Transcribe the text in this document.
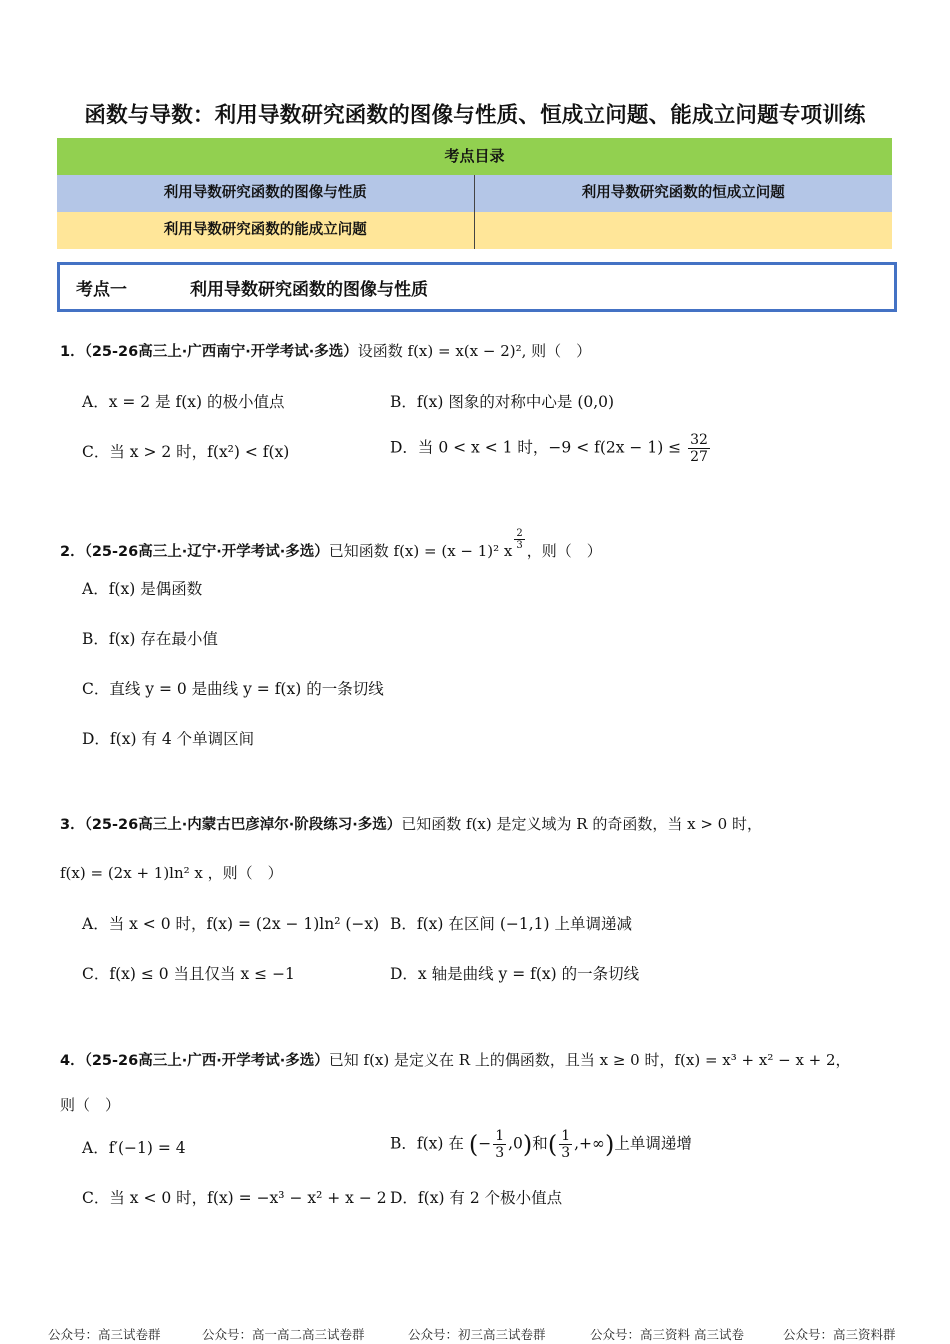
函数与导数：利用导数研究函数的图像与性质、恒成立问题、能成立问题专项训练
考点目录
利用导数研究函数的图像与性质	利用导数研究函数的恒成立问题
利用导数研究函数的能成立问题
考点一	利用导数研究函数的图像与性质
1．（25-26高三上·广西南宁·开学考试·多选）设函数 f(x) = x(x − 2)², 则（　）
A．x = 2 是 f(x) 的极小值点	B．f(x) 图象的对称中心是 (0,0)
C．当 x > 2 时，f(x²) < f(x)	D．当 0 < x < 1 时，$-9 < f(2x - 1) \le \frac{32}{27}$
2．（25-26高三上·辽宁·开学考试·多选）已知函数 f(x) = (x − 1)² x $\frac{2}{3}$ ，则（　）
A．f(x) 是偶函数
B．f(x) 存在最小值
C．直线 y = 0 是曲线 y = f(x) 的一条切线
D．f(x) 有 4 个单调区间
3．（25-26高三上·内蒙古巴彦淖尔·阶段练习·多选）已知函数 f(x) 是定义域为 R 的奇函数，当 x > 0 时，
f(x) = (2x + 1)ln² x ，则（　）
A．当 x < 0 时，f(x) = (2x − 1)ln² (−x) B．f(x) 在区间 (−1,1) 上单调递减
C．f(x) ≤ 0 当且仅当 x ≤ −1	D．x 轴是曲线 y = f(x) 的一条切线
4．（25-26高三上·广西·开学考试·多选）已知 f(x) 是定义在 R 上的偶函数，且当 x ≥ 0 时，f(x) = x³ + x² − x + 2，
则（　）
A．f′(−1) = 4	B．f(x) 在 (− $\frac{1}{3} ,0$)和( $\frac{1}{3}$ ,+∞)上单调递增
C．当 x < 0 时，f(x) = −x³ − x² + x − 2 D．f(x) 有 2 个极小值点
公众号：高三试卷群	公众号：高一高二高三试卷群	公众号：初三高三试卷群	公众号：高三资料 高三试卷	公众号：高三资料群
